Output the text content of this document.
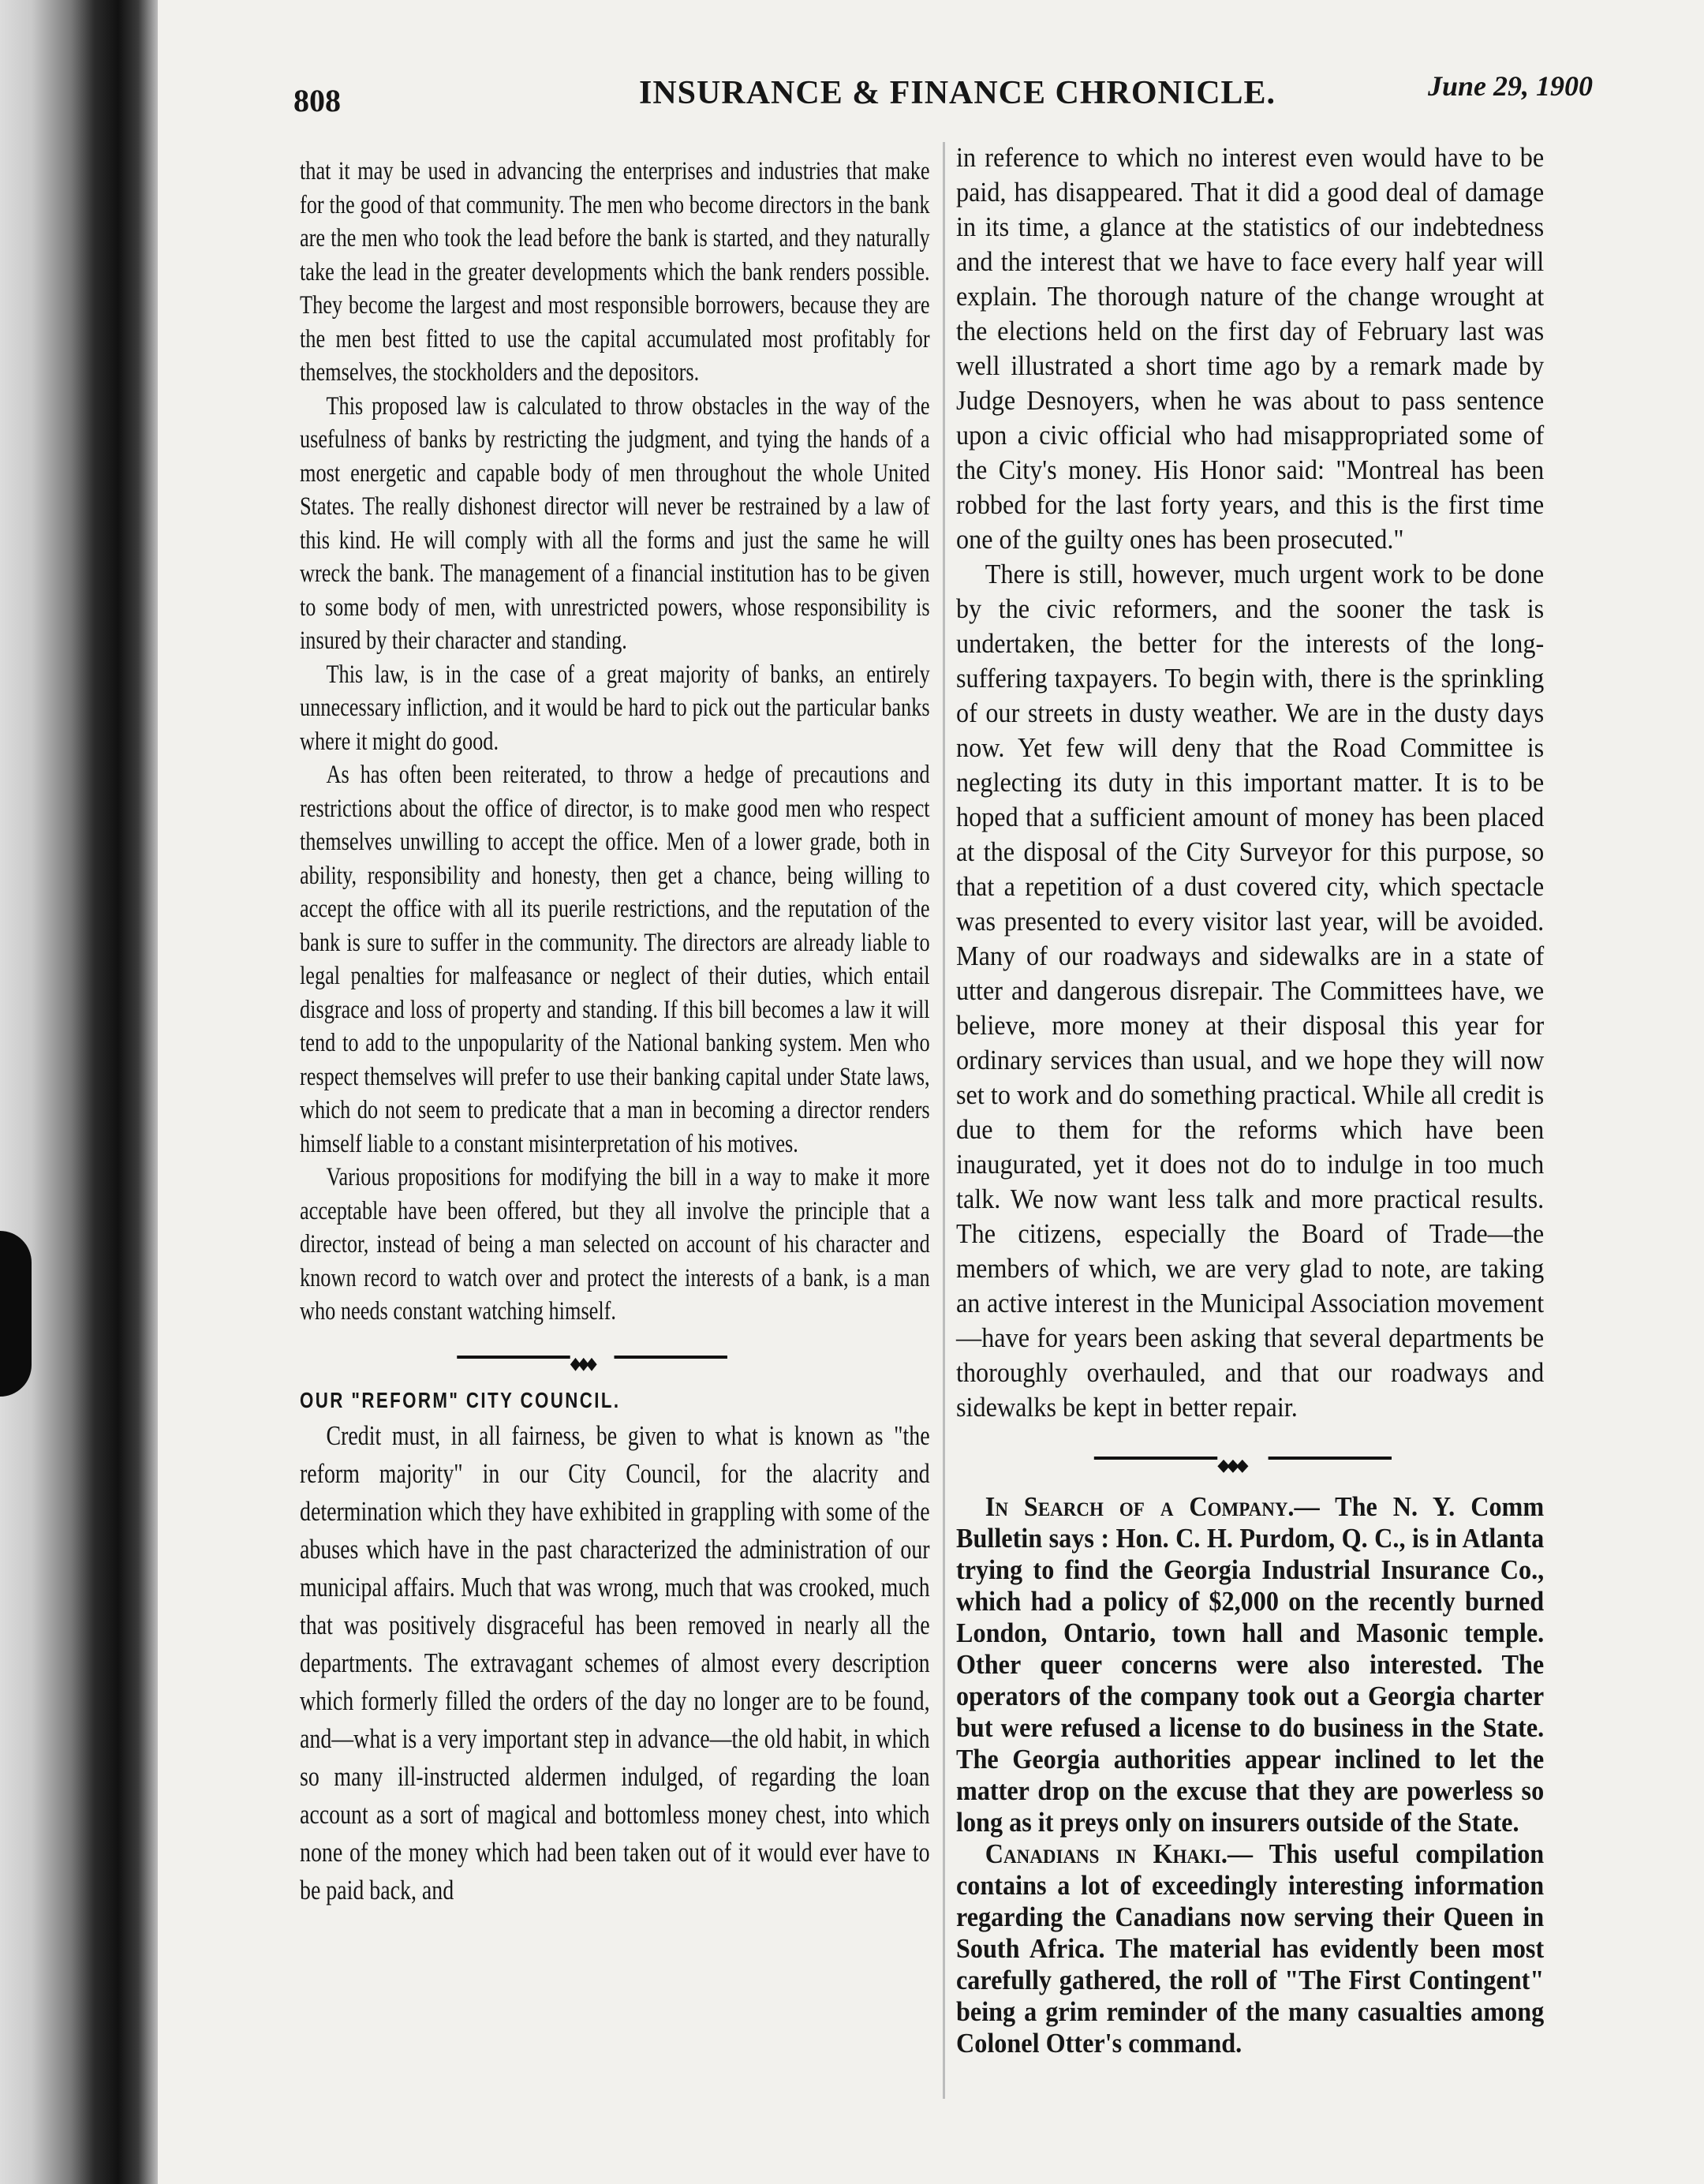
808	INSURANCE & FINANCE CHRONICLE.	June 29, 1900

that it may be used in advancing the enterprises and industries that make for the good of that community. The men who become directors in the bank are the men who took the lead before the bank is started, and they naturally take the lead in the greater developments which the bank renders possible. They become the largest and most responsible borrowers, because they are the men best fitted to use the capital accumulated most profitably for themselves, the stockholders and the depositors.

This proposed law is calculated to throw obstacles in the way of the usefulness of banks by restricting the judgment, and tying the hands of a most energetic and capable body of men throughout the whole United States. The really dishonest director will never be restrained by a law of this kind. He will comply with all the forms and just the same he will wreck the bank. The management of a financial institution has to be given to some body of men, with unrestricted powers, whose responsibility is insured by their character and standing.

This law, is in the case of a great majority of banks, an entirely unnecessary infliction, and it would be hard to pick out the particular banks where it might do good.

As has often been reiterated, to throw a hedge of precautions and restrictions about the office of director, is to make good men who respect themselves unwilling to accept the office. Men of a lower grade, both in ability, responsibility and honesty, then get a chance, being willing to accept the office with all its puerile restrictions, and the reputation of the bank is sure to suffer in the community. The directors are already liable to legal penalties for malfeasance or neglect of their duties, which entail disgrace and loss of property and standing. If this bill becomes a law it will tend to add to the unpopularity of the National banking system. Men who respect themselves will prefer to use their banking capital under State laws, which do not seem to predicate that a man in becoming a director renders himself liable to a constant misinterpretation of his motives.

Various propositions for modifying the bill in a way to make it more acceptable have been offered, but they all involve the principle that a director, instead of being a man selected on account of his character and known record to watch over and protect the interests of a bank, is a man who needs constant watching himself.

◆◆◆

OUR "REFORM" CITY COUNCIL.

Credit must, in all fairness, be given to what is known as "the reform majority" in our City Council, for the alacrity and determination which they have exhibited in grappling with some of the abuses which have in the past characterized the administration of our municipal affairs. Much that was wrong, much that was crooked, much that was positively disgraceful has been removed in nearly all the departments. The extravagant schemes of almost every description which formerly filled the orders of the day no longer are to be found, and—what is a very important step in advance—the old habit, in which so many ill-instructed aldermen indulged, of regarding the loan account as a sort of magical and bottomless money chest, into which none of the money which had been taken out of it would ever have to be paid back, and

in reference to which no interest even would have to be paid, has disappeared. That it did a good deal of damage in its time, a glance at the statistics of our indebtedness and the interest that we have to face every half year will explain. The thorough nature of the change wrought at the elections held on the first day of February last was well illustrated a short time ago by a remark made by Judge Desnoyers, when he was about to pass sentence upon a civic official who had misappropriated some of the City's money. His Honor said: "Montreal has been robbed for the last forty years, and this is the first time one of the guilty ones has been prosecuted."

There is still, however, much urgent work to be done by the civic reformers, and the sooner the task is undertaken, the better for the interests of the long-suffering taxpayers. To begin with, there is the sprinkling of our streets in dusty weather. We are in the dusty days now. Yet few will deny that the Road Committee is neglecting its duty in this important matter. It is to be hoped that a sufficient amount of money has been placed at the disposal of the City Surveyor for this purpose, so that a repetition of a dust covered city, which spectacle was presented to every visitor last year, will be avoided. Many of our roadways and sidewalks are in a state of utter and dangerous disrepair. The Committees have, we believe, more money at their disposal this year for ordinary services than usual, and we hope they will now set to work and do something practical. While all credit is due to them for the reforms which have been inaugurated, yet it does not do to indulge in too much talk. We now want less talk and more practical results. The citizens, especially the Board of Trade—the members of which, we are very glad to note, are taking an active interest in the Municipal Association movement—have for years been asking that several departments be thoroughly overhauled, and that our roadways and sidewalks be kept in better repair.

◆◆◆

In Search of a Company.— The N. Y. Comm Bulletin says : Hon. C. H. Purdom, Q. C., is in Atlanta trying to find the Georgia Industrial Insurance Co., which had a policy of $2,000 on the recently burned London, Ontario, town hall and Masonic temple. Other queer concerns were also interested. The operators of the company took out a Georgia charter but were refused a license to do business in the State. The Georgia authorities appear inclined to let the matter drop on the excuse that they are powerless so long as it preys only on insurers outside of the State.

Canadians in Khaki.— This useful compilation contains a lot of exceedingly interesting information regarding the Canadians now serving their Queen in South Africa. The material has evidently been most carefully gathered, the roll of "The First Contingent" being a grim reminder of the many casualties among Colonel Otter's command.
